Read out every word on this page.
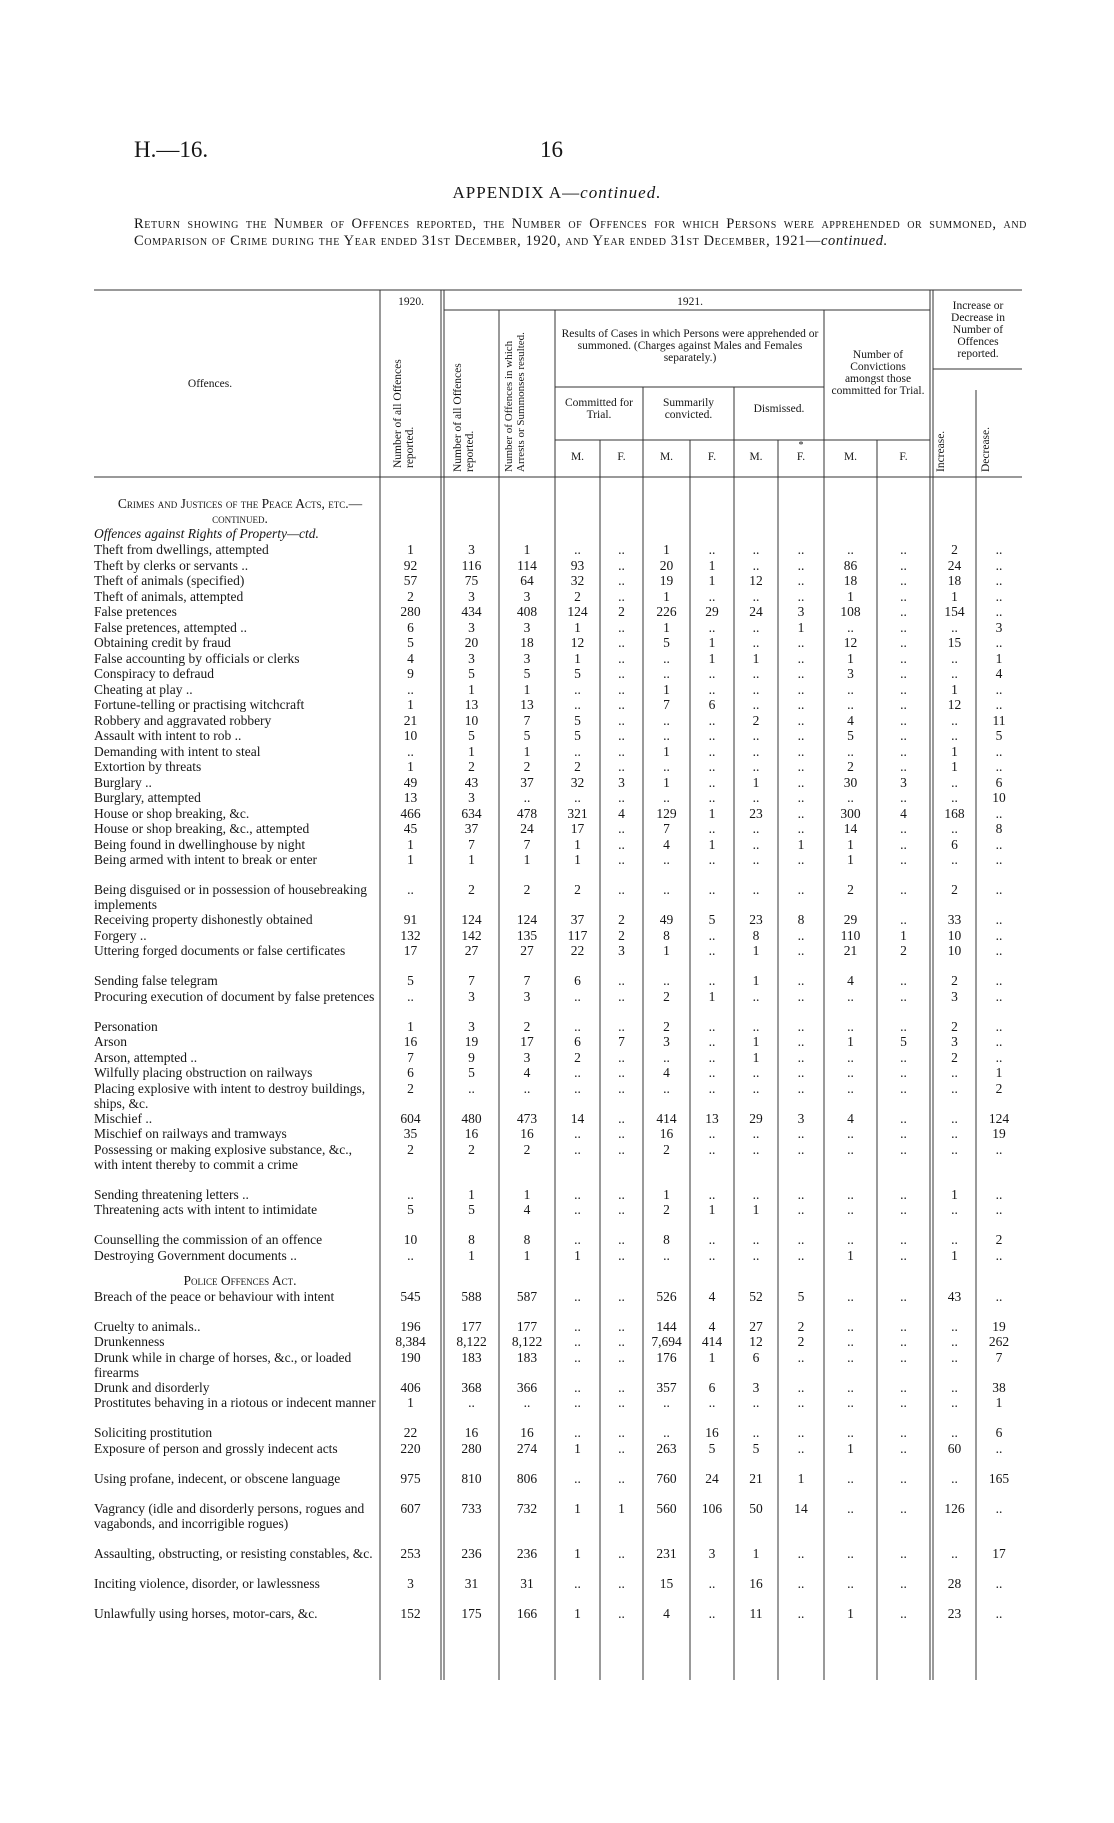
H.—16.	16
APPENDIX A—continued.
Return showing the Number of Offences reported, the Number of Offences for which Persons were apprehended or summoned, and Comparison of Crime during the Year ended 31st December, 1920, and Year ended 31st December, 1921—continued.
Offences.
1920.	1921.
Number of all Offences reported.	Number of all Offences reported. Number of Offences in which Arrests or Summonses resulted.	Results of Cases in which Persons were apprehended or summoned. (Charges against Males and Females separately.)
Committed for Trial.
Summarily convicted.	Dismissed.
Number of Convictions amongst those committed for Trial.
Increase or Decrease in Number of Offences reported.
Increase.	Decrease.
M.	F.	M.	F.	M.	F.
*
M.	F.
Crimes and Justices of the Peace Acts, etc.—continued.
Offences against Rights of Property—ctd.
Theft from dwellings, attempted	1	3	1	..	..	1	..	..	..	..	..	2	..
Theft by clerks or servants ..	92	116	114	93	..	20	1	..	..	86	..	24	..
Theft of animals (specified)	57	75	64	32	..	19	1	12	..	18	..	18	..
Theft of animals, attempted	2	3	3	2	..	1	..	..	..	1	..	1	..
False pretences	280	434	408	124	2	226	29	24	3	108	..	154	..
False pretences, attempted ..	6	3	3	1	..	1	..	..	1	..	..	..	3
Obtaining credit by fraud	5	20	18	12	..	5	1	..	..	12	..	15	..
False accounting by officials or clerks	4	3	3	1	..	..	1	1	..	1	..	..	1
Conspiracy to defraud	9	5	5	5	..	..	..	..	..	3	..	..	4
Cheating at play ..	..	1	1	..	..	1	..	..	..	..	..	1	..
Fortune-telling or practising witchcraft	1	13	13	..	..	7	6	..	..	..	..	12	..
Robbery and aggravated robbery	21	10	7	5	..	..	..	2	..	4	..	..	11
Assault with intent to rob ..	10	5	5	5	..	..	..	..	..	5	..	..	5
Demanding with intent to steal	..	1	1	..	..	1	..	..	..	..	..	1	..
Extortion by threats	1	2	2	2	..	..	..	..	..	2	..	1	..
Burglary ..	49	43	37	32	3	1	..	1	..	30	3	..	6
Burglary, attempted	13	3	..	..	..	..	..	..	..	..	..	..	10
House or shop breaking, &c.	466	634	478	321	4	129	1	23	..	300	4	168	..
House or shop breaking, &c., attempted	45	37	24	17	..	7	..	..	..	14	..	..	8
Being found in dwellinghouse by night	1	7	7	1	..	4	1	..	1	1	..	6	..
Being armed with intent to break or enter	1	1	1	1	..	..	..	..	..	1	..	..	..
Being disguised or in possession of housebreaking implements
..	2	2	2	..	..	..	..	..	2	..	2	..
Receiving property dishonestly obtained	91	124	124	37	2	49	5	23	8	29	..	33	..
Forgery ..	132	142	135	117	2	8	..	8	..	110	1	10	..
Uttering forged documents or false certificates	17	27	27	22	3	1	..	1	..	21	2	10	..
Sending false telegram	5	7	7	6	..	..	..	1	..	4	..	2	..
Procuring execution of document by false pretences	..	3	3	..	..	2	1	..	..	..	..	3	..
Personation	1	3	2	..	..	2	..	..	..	..	..	2	..
Arson	16	19	17	6	7	3	..	1	..	1	5	3	..
Arson, attempted ..	7	9	3	2	..	..	..	1	..	..	..	2	..
Wilfully placing obstruction on railways	6	5	4	..	..	4	..	..	..	..	..	..	1
Placing explosive with intent to destroy buildings, ships, &c.
2	..	..	..	..	..	..	..	..	..	..	..	2
Mischief ..	604	480	473	14	..	414	13	29	3	4	..	..	124
Mischief on railways and tramways	35	16	16	..	..	16	..	..	..	..	..	..	19
Possessing or making explosive substance, &c., with intent thereby to commit a crime
2	2	2	..	..	2	..	..	..	..	..	..	..
Sending threatening letters ..	..	1	1	..	..	1	..	..	..	..	..	1	..
Threatening acts with intent to intimidate	5	5	4	..	..	2	1	1	..	..	..	..	..
Counselling the commission of an offence	10	8	8	..	..	8	..	..	..	..	..	..	2
Destroying Government documents ..	..	1	1	1	..	..	..	..	..	1	..	1	..
Police Offences Act.
Breach of the peace or behaviour with intent	545	588	587	..	..	526	4	52	5	..	..	43	..
Cruelty to animals..	196	177	177	..	..	144	4	27	2	..	..	..	19
Drunkenness	8,384	8,122	8,122	..	..	7,694	414	12	2	..	..	..	262
Drunk while in charge of horses, &c., or loaded firearms
190	183	183	..	..	176	1	6	..	..	..	..	7
Drunk and disorderly	406	368	366	..	..	357	6	3	..	..	..	..	38
Prostitutes behaving in a riotous or indecent manner	1	..	..	..	..	..	..	..	..	..	..	..	1
Soliciting prostitution	22	16	16	..	..	..	16	..	..	..	..	..	6
Exposure of person and grossly indecent acts	220	280	274	1	..	263	5	5	..	1	..	60	..
Using profane, indecent, or obscene language	975	810	806	..	..	760	24	21	1	..	..	..	165
Vagrancy (idle and disorderly persons, rogues and vagabonds, and incorrigible rogues)
607	733	732	1	1	560	106	50	14	..	..	126	..
Assaulting, obstructing, or resisting constables, &c.	253	236	236	1	..	231	3	1	..	..	..	..	17
Inciting violence, disorder, or lawlessness	3	31	31	..	..	15	..	16	..	..	..	28	..
Unlawfully using horses, motor-cars, &c.	152	175	166	1	..	4	..	11	..	1	..	23	..
